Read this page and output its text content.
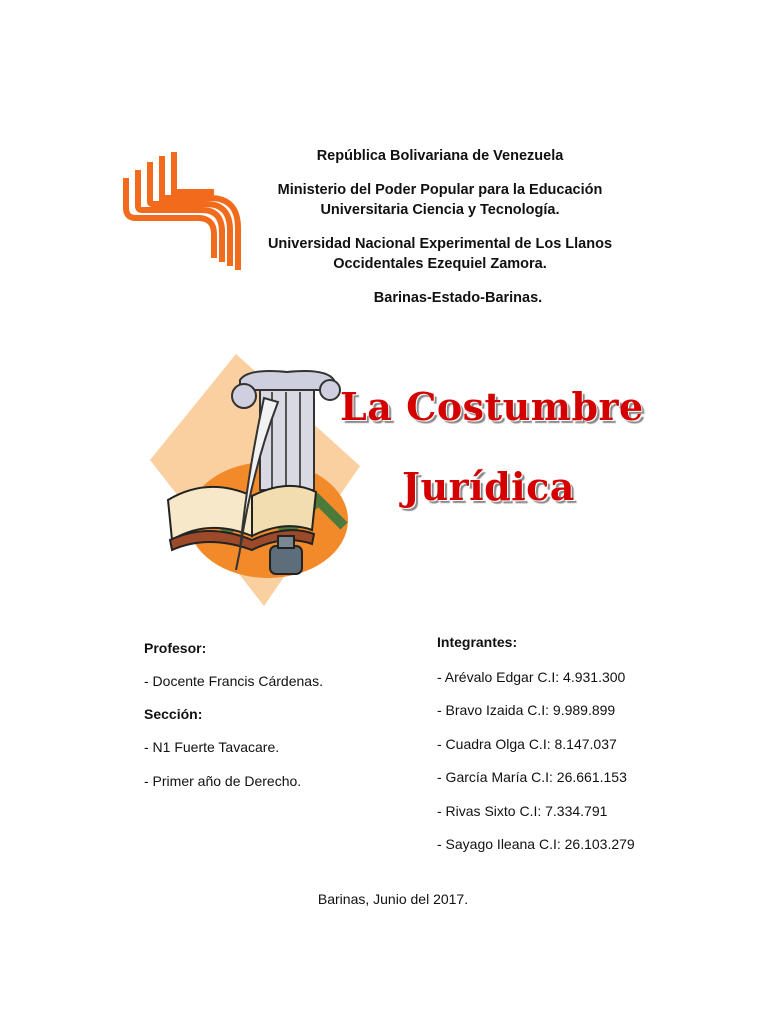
República Bolivariana de Venezuela
Ministerio del Poder Popular para la Educación
Universitaria Ciencia y Tecnología.
Universidad Nacional Experimental de Los Llanos
Occidentales Ezequiel Zamora.
Barinas-Estado-Barinas.
La Costumbre
Jurídica
Profesor:
- Docente Francis Cárdenas.
Sección:
- N1 Fuerte Tavacare.
- Primer año de Derecho.
Integrantes:
- Arévalo Edgar C.I: 4.931.300
- Bravo Izaida C.I: 9.989.899
- Cuadra Olga C.I: 8.147.037
- García María C.I: 26.661.153
- Rivas Sixto C.I: 7.334.791
- Sayago Ileana C.I: 26.103.279
Barinas, Junio del 2017.
